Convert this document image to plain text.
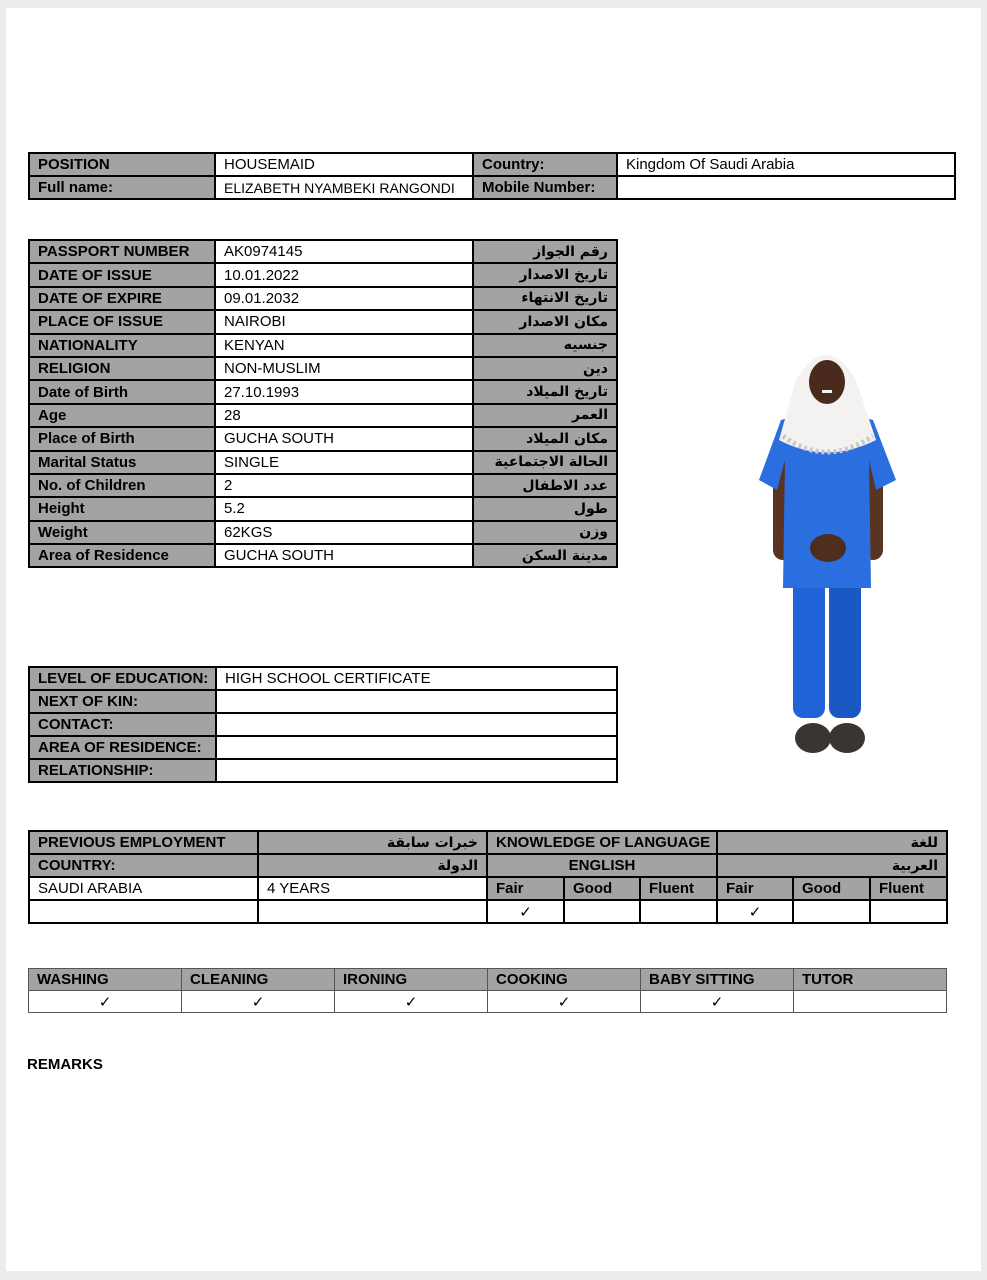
POSITION	HOUSEMAID	Country:	Kingdom Of Saudi Arabia
Full name:	ELIZABETH NYAMBEKI RANGONDI	Mobile Number:	
PASSPORT NUMBER	AK0974145	رقم الجواز
DATE OF ISSUE	10.01.2022	تاريخ الاصدار
DATE OF EXPIRE	09.01.2032	تاريخ الانتهاء
PLACE OF ISSUE	NAIROBI	مكان الاصدار
NATIONALITY	KENYAN	جنسيه
RELIGION	NON-MUSLIM	دين
Date of Birth	27.10.1993	تاريخ الميلاد
Age	28	العمر
Place of Birth	GUCHA SOUTH	مكان الميلاد
Marital Status	SINGLE	الحالة الاجتماعية
No. of Children	2	عدد الاطفال
Height	5.2	طول
Weight	62KGS	وزن
Area of Residence	GUCHA SOUTH	مدينة السكن
LEVEL OF EDUCATION:	HIGH SCHOOL CERTIFICATE
NEXT OF KIN:	
CONTACT:	
AREA OF RESIDENCE:	
RELATIONSHIP:	
PREVIOUS EMPLOYMENT	خبرات سابقة	KNOWLEDGE OF LANGUAGE			للغة		
COUNTRY:	الدولة	ENGLISH			العربية		
SAUDI ARABIA	4 YEARS	Fair	Good	Fluent	Fair	Good	Fluent
		✓			✓		
WASHING	CLEANING	IRONING	COOKING	BABY SITTING	TUTOR
✓	✓	✓	✓	✓	
REMARKS
